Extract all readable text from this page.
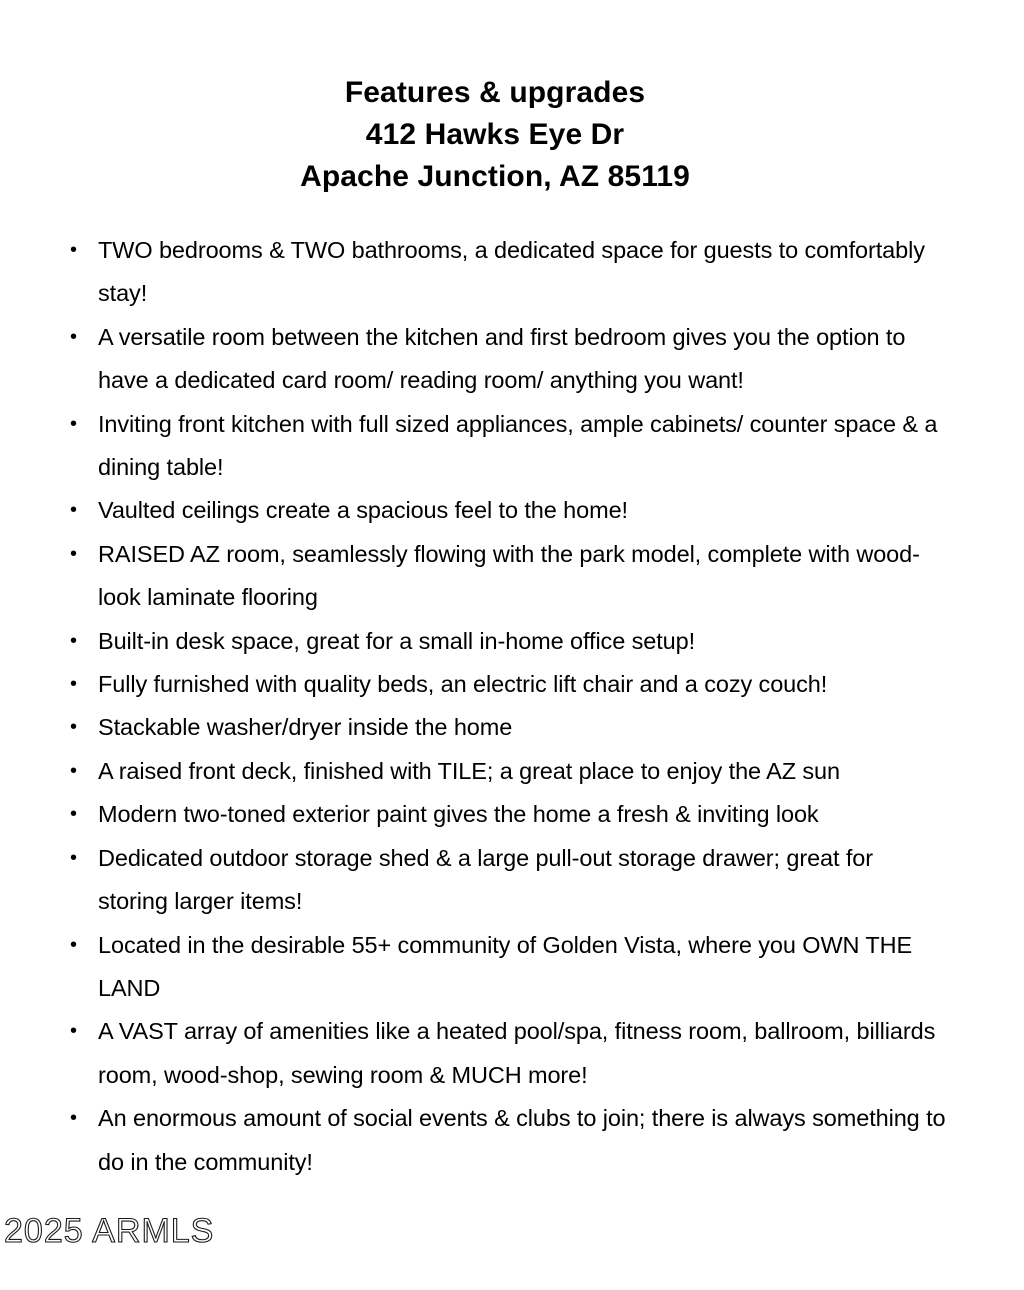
Features & upgrades
412 Hawks Eye Dr
Apache Junction, AZ 85119
• TWO bedrooms & TWO bathrooms, a dedicated space for guests to comfortably stay!
• A versatile room between the kitchen and first bedroom gives you the option to have a dedicated card room/ reading room/ anything you want!
• Inviting front kitchen with full sized appliances, ample cabinets/ counter space & a dining table!
• Vaulted ceilings create a spacious feel to the home!
• RAISED AZ room, seamlessly flowing with the park model, complete with wood-look laminate flooring
• Built-in desk space, great for a small in-home office setup!
• Fully furnished with quality beds, an electric lift chair and a cozy couch!
• Stackable washer/dryer inside the home
• A raised front deck, finished with TILE; a great place to enjoy the AZ sun
• Modern two-toned exterior paint gives the home a fresh & inviting look
• Dedicated outdoor storage shed & a large pull-out storage drawer; great for storing larger items!
• Located in the desirable 55+ community of Golden Vista, where you OWN THE LAND
• A VAST array of amenities like a heated pool/spa, fitness room, ballroom, billiards room, wood-shop, sewing room & MUCH more!
• An enormous amount of social events & clubs to join; there is always something to do in the community!
2025 ARMLS
